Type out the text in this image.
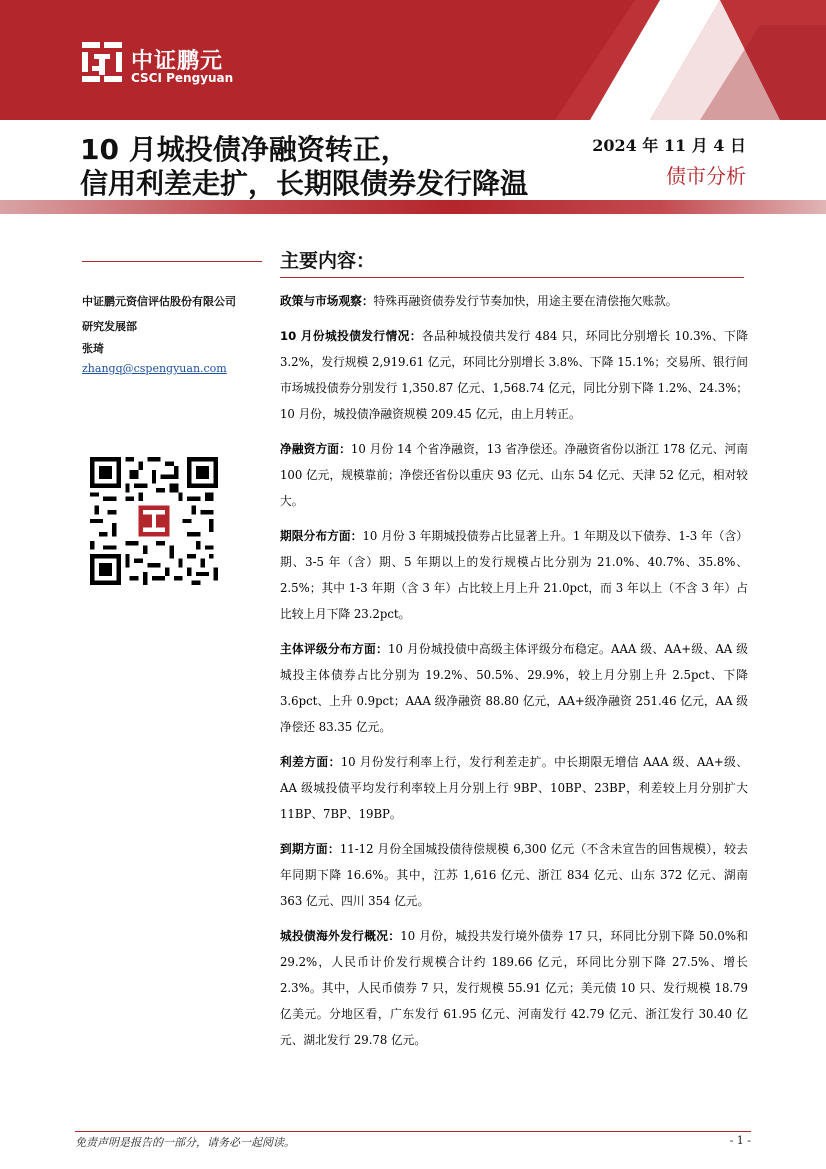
中证鹏元
CSCI Pengyuan
10 月城投债净融资转正，
信用利差走扩，长期限债券发行降温
2024 年 11 月 4 日
债市分析
中证鹏元资信评估股份有限公司
研究发展部
张琦
zhangq@cspengyuan.com
主要内容：

政策与市场观察：特殊再融资债券发行节奏加快，用途主要在清偿拖欠账款。

10 月份城投债发行情况：各品种城投债共发行 484 只，环同比分别增长 10.3%、下降 3.2%，发行规模 2,919.61 亿元，环同比分别增长 3.8%、下降 15.1%；交易所、银行间市场城投债券分别发行 1,350.87 亿元、1,568.74 亿元，同比分别下降 1.2%、24.3%；10 月份，城投债净融资规模 209.45 亿元，由上月转正。

净融资方面：10 月份 14 个省净融资，13 省净偿还。净融资省份以浙江 178 亿元、河南 100 亿元，规模靠前；净偿还省份以重庆 93 亿元、山东 54 亿元、天津 52 亿元，相对较大。

期限分布方面：10 月份 3 年期城投债券占比显著上升。1 年期及以下债券、1-3 年（含）期、3-5 年（含）期、5 年期以上的发行规模占比分别为 21.0%、40.7%、35.8%、2.5%；其中 1-3 年期（含 3 年）占比较上月上升 21.0pct，而 3 年以上（不含 3 年）占比较上月下降 23.2pct。

主体评级分布方面：10 月份城投债中高级主体评级分布稳定。AAA 级、AA+级、AA 级城投主体债券占比分别为 19.2%、50.5%、29.9%，较上月分别上升 2.5pct、下降 3.6pct、上升 0.9pct；AAA 级净融资 88.80 亿元，AA+级净融资 251.46 亿元，AA 级净偿还 83.35 亿元。

利差方面：10 月份发行利率上行，发行利差走扩。中长期限无增信 AAA 级、AA+级、AA 级城投债平均发行利率较上月分别上行 9BP、10BP、23BP，利差较上月分别扩大 11BP、7BP、19BP。

到期方面：11-12 月份全国城投债待偿规模 6,300 亿元（不含未宣告的回售规模），较去年同期下降 16.6%。其中，江苏 1,616 亿元、浙江 834 亿元、山东 372 亿元、湖南 363 亿元、四川 354 亿元。

城投债海外发行概况：10 月份，城投共发行境外债券 17 只，环同比分别下降 50.0%和 29.2%，人民币计价发行规模合计约 189.66 亿元，环同比分别下降 27.5%、增长 2.3%。其中，人民币债券 7 只，发行规模 55.91 亿元；美元债 10 只、发行规模 18.79 亿美元。分地区看，广东发行 61.95 亿元、河南发行 42.79 亿元、浙江发行 30.40 亿元、湖北发行 29.78 亿元。

免责声明是报告的一部分，请务必一起阅读。	- 1 -
